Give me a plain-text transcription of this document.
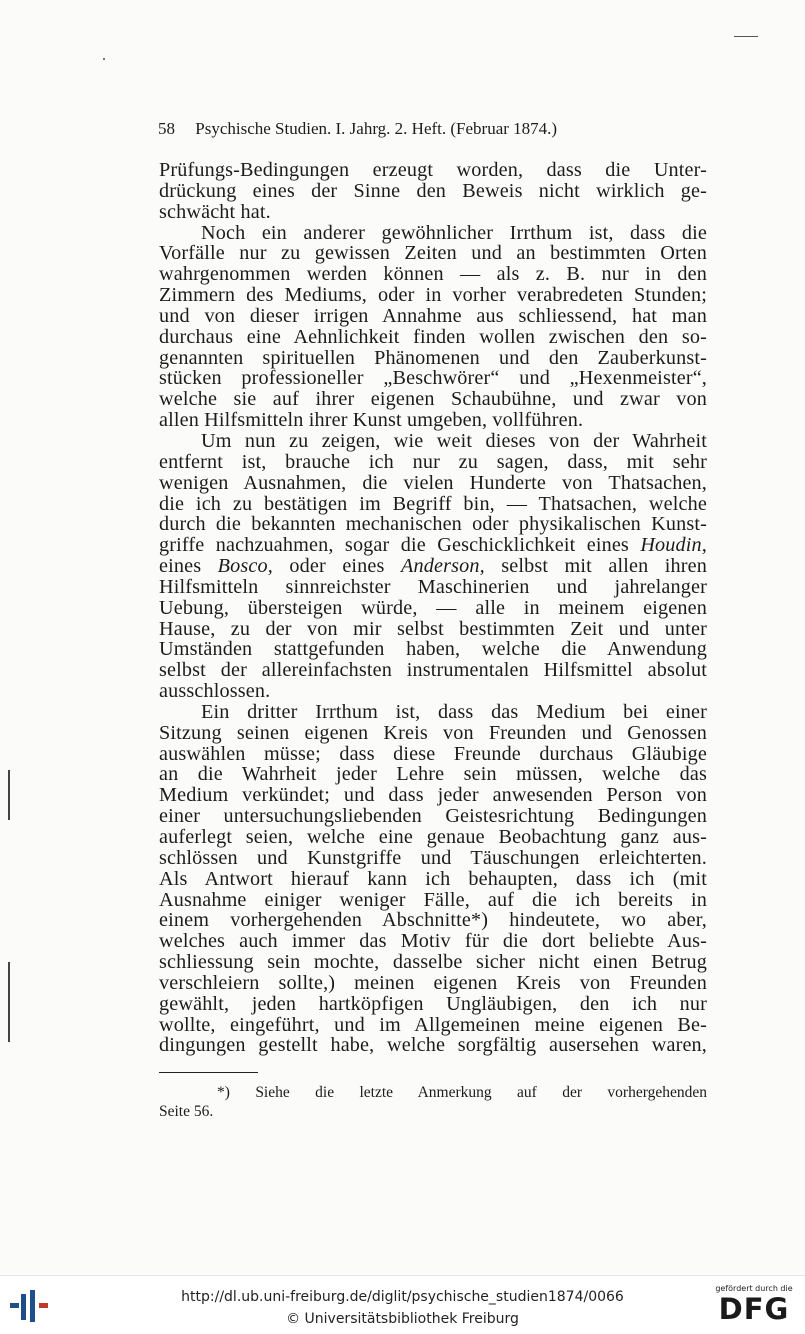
58 Psychische Studien. I. Jahrg. 2. Heft. (Februar 1874.)
Prüfungs-Bedingungen erzeugt worden, dass die Unter-
drückung eines der Sinne den Beweis nicht wirklich ge-
schwächt hat.
Noch ein anderer gewöhnlicher Irrthum ist, dass die
Vorfälle nur zu gewissen Zeiten und an bestimmten Orten
wahrgenommen werden können — als z. B. nur in den
Zimmern des Mediums, oder in vorher verabredeten Stunden;
und von dieser irrigen Annahme aus schliessend, hat man
durchaus eine Aehnlichkeit finden wollen zwischen den so-
genannten spirituellen Phänomenen und den Zauberkunst-
stücken professioneller „Beschwörer“ und „Hexenmeister“,
welche sie auf ihrer eigenen Schaubühne, und zwar von
allen Hilfsmitteln ihrer Kunst umgeben, vollführen.
Um nun zu zeigen, wie weit dieses von der Wahrheit
entfernt ist, brauche ich nur zu sagen, dass, mit sehr
wenigen Ausnahmen, die vielen Hunderte von Thatsachen,
die ich zu bestätigen im Begriff bin, — Thatsachen, welche
durch die bekannten mechanischen oder physikalischen Kunst-
griffe nachzuahmen, sogar die Geschicklichkeit eines Houdin,
eines Bosco, oder eines Anderson, selbst mit allen ihren
Hilfsmitteln sinnreichster Maschinerien und jahrelanger
Uebung, übersteigen würde, — alle in meinem eigenen
Hause, zu der von mir selbst bestimmten Zeit und unter
Umständen stattgefunden haben, welche die Anwendung
selbst der allereinfachsten instrumentalen Hilfsmittel absolut
ausschlossen.
Ein dritter Irrthum ist, dass das Medium bei einer
Sitzung seinen eigenen Kreis von Freunden und Genossen
auswählen müsse; dass diese Freunde durchaus Gläubige
an die Wahrheit jeder Lehre sein müssen, welche das
Medium verkündet; und dass jeder anwesenden Person von
einer untersuchungsliebenden Geistesrichtung Bedingungen
auferlegt seien, welche eine genaue Beobachtung ganz aus-
schlössen und Kunstgriffe und Täuschungen erleichterten.
Als Antwort hierauf kann ich behaupten, dass ich (mit
Ausnahme einiger weniger Fälle, auf die ich bereits in
einem vorhergehenden Abschnitte*) hindeutete, wo aber,
welches auch immer das Motiv für die dort beliebte Aus-
schliessung sein mochte, dasselbe sicher nicht einen Betrug
verschleiern sollte,) meinen eigenen Kreis von Freunden
gewählt, jeden hartköpfigen Ungläubigen, den ich nur
wollte, eingeführt, und im Allgemeinen meine eigenen Be-
dingungen gestellt habe, welche sorgfältig ausersehen waren,
*) Siehe die letzte Anmerkung auf der vorhergehenden
Seite 56.
http://dl.ub.uni-freiburg.de/diglit/psychische_studien1874/0066
© Universitätsbibliothek Freiburg
gefördert durch die
DFG
